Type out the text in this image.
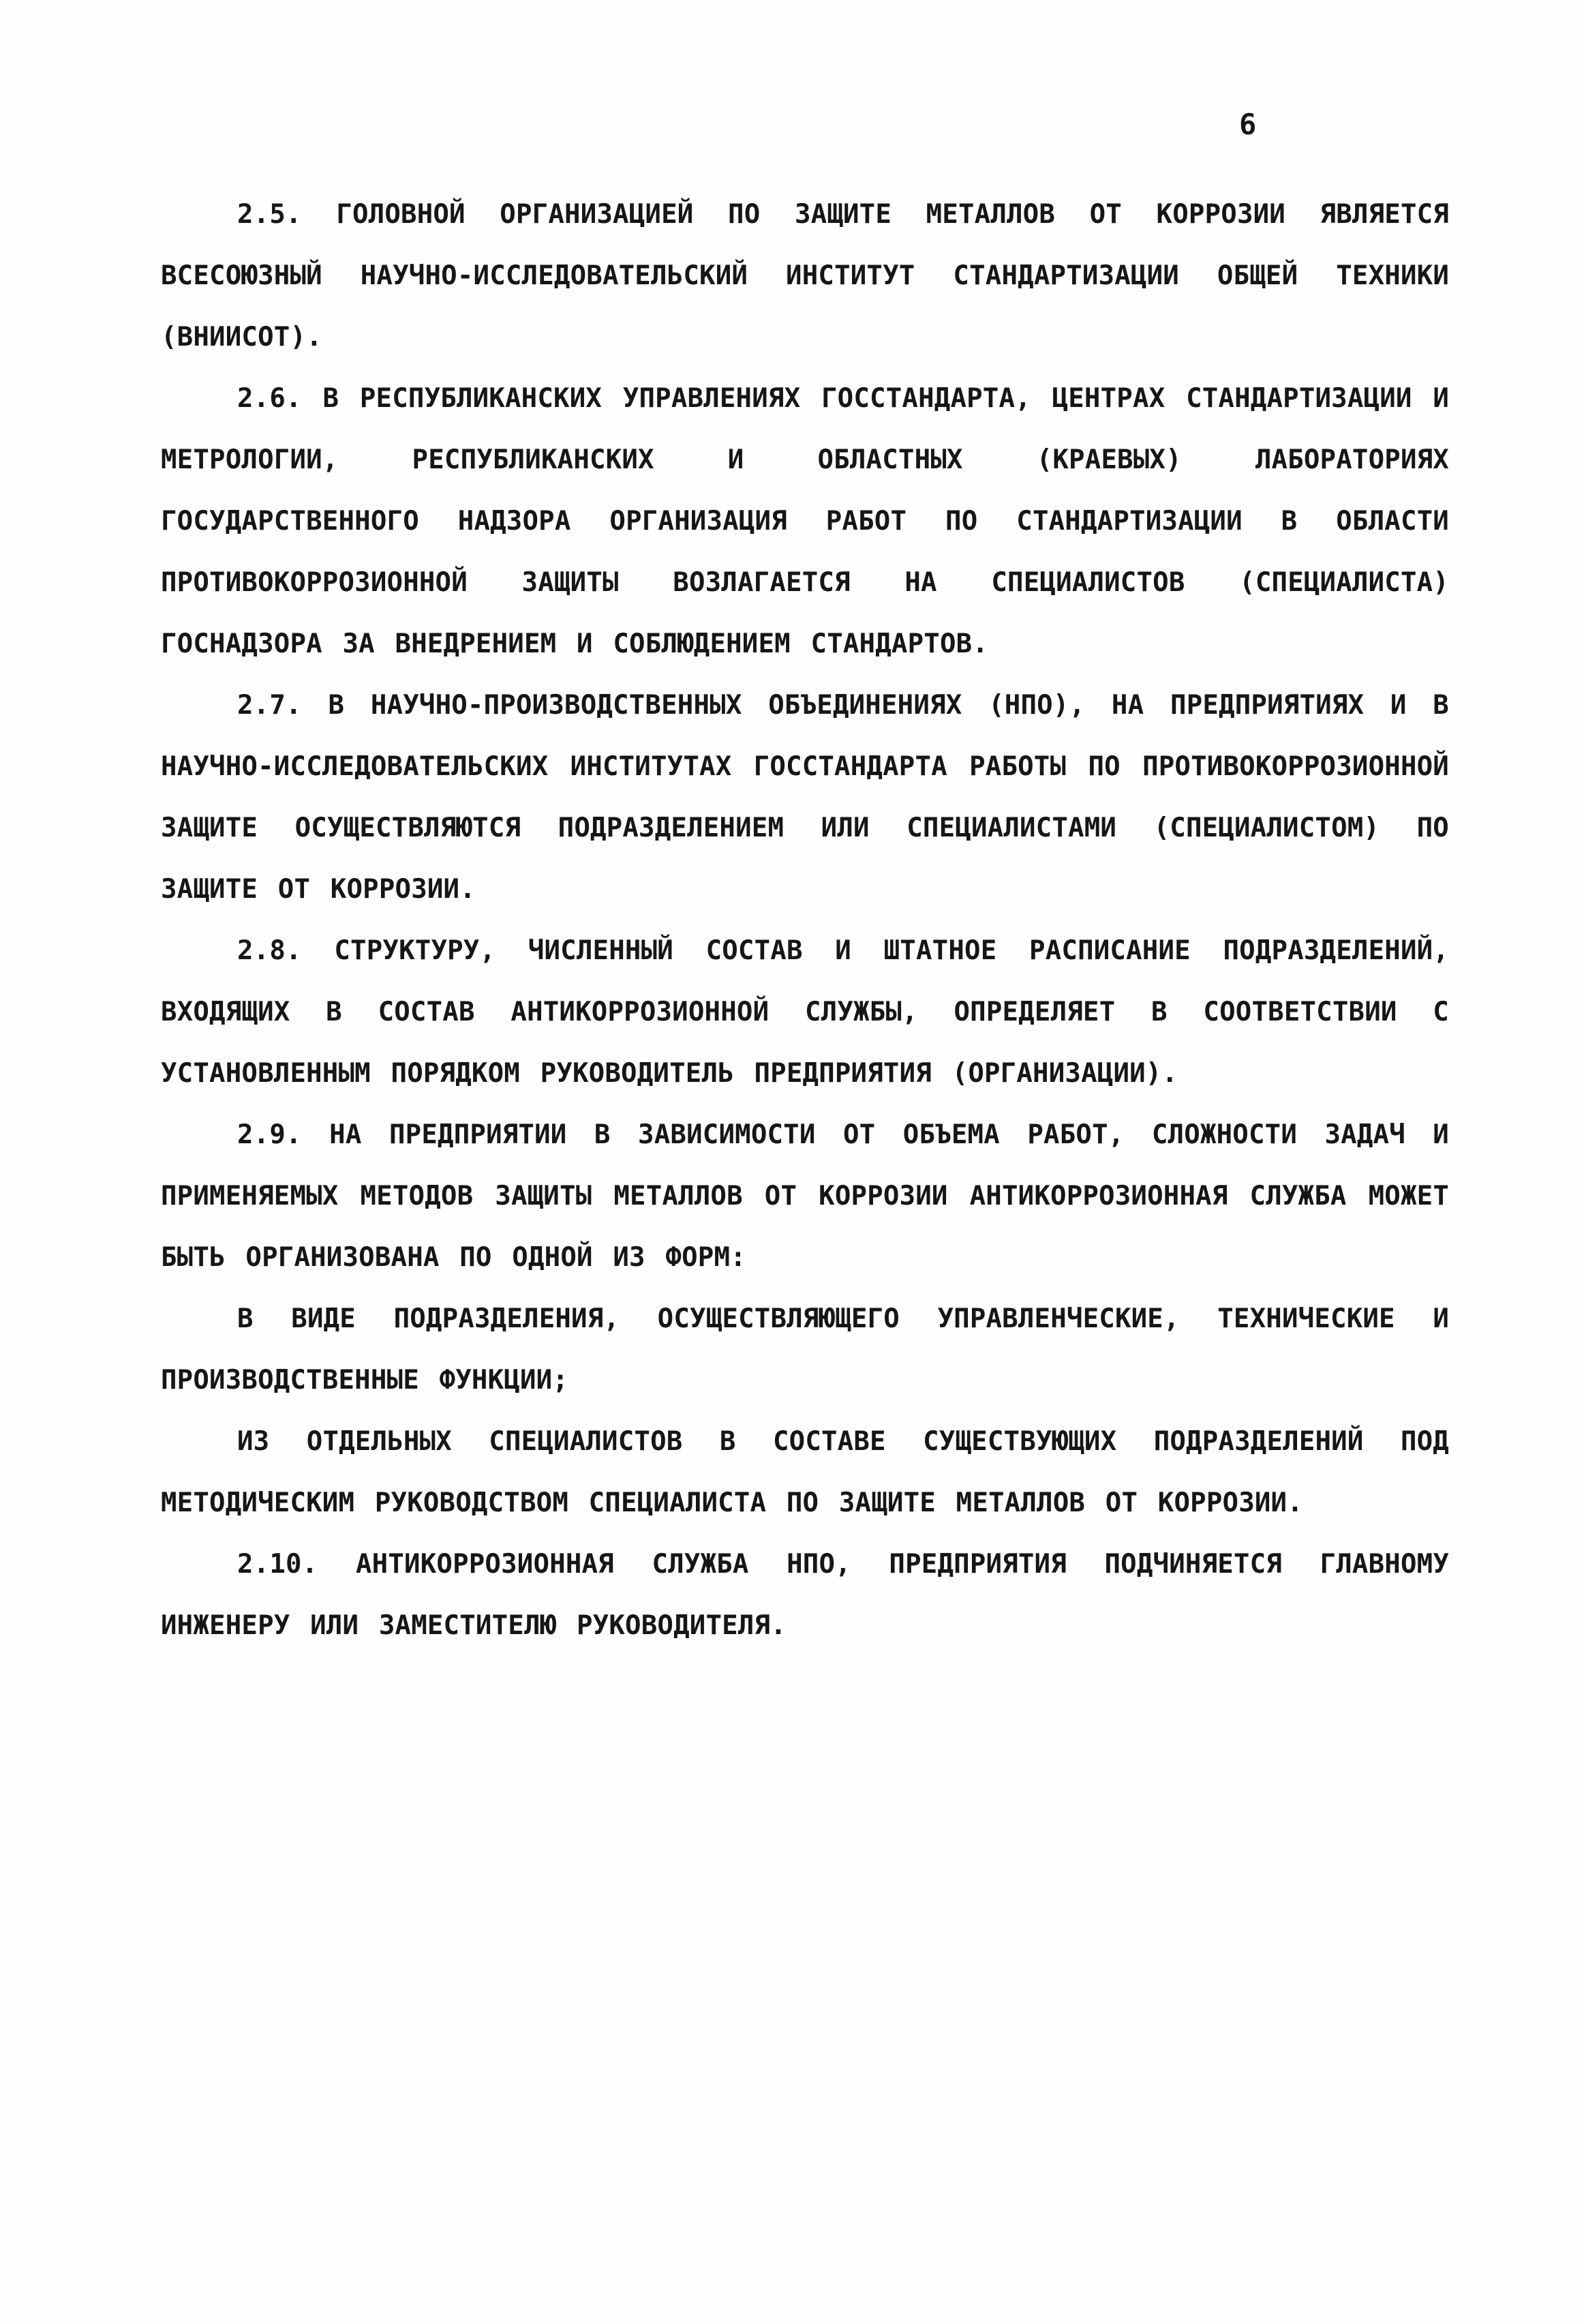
6

2.5. ГОЛОВНОЙ ОРГАНИЗАЦИЕЙ ПО ЗАЩИТЕ МЕТАЛЛОВ ОТ КОРРОЗИИ ЯВЛЯЕТСЯ ВСЕСОЮЗНЫЙ НАУЧНО-ИССЛЕДОВАТЕЛЬСКИЙ ИНСТИТУТ СТАНДАРТИЗАЦИИ ОБЩЕЙ ТЕХНИКИ (ВНИИСОТ).

2.6. В РЕСПУБЛИКАНСКИХ УПРАВЛЕНИЯХ ГОССТАНДАРТА, ЦЕНТРАХ СТАНДАРТИЗАЦИИ И МЕТРОЛОГИИ, РЕСПУБЛИКАНСКИХ И ОБЛАСТНЫХ (КРАЕВЫХ) ЛАБОРАТОРИЯХ ГОСУДАРСТВЕННОГО НАДЗОРА ОРГАНИЗАЦИЯ РАБОТ ПО СТАНДАРТИЗАЦИИ В ОБЛАСТИ ПРОТИВОКОРРОЗИОННОЙ ЗАЩИТЫ ВОЗЛАГАЕТСЯ НА СПЕЦИАЛИСТОВ (СПЕЦИАЛИСТА) ГОСНАДЗОРА ЗА ВНЕДРЕНИЕМ И СОБЛЮДЕНИЕМ СТАНДАРТОВ.

2.7. В НАУЧНО-ПРОИЗВОДСТВЕННЫХ ОБЪЕДИНЕНИЯХ (НПО), НА ПРЕДПРИЯТИЯХ И В НАУЧНО-ИССЛЕДОВАТЕЛЬСКИХ ИНСТИТУТАХ ГОССТАНДАРТА РАБОТЫ ПО ПРОТИВОКОРРОЗИОННОЙ ЗАЩИТЕ ОСУЩЕСТВЛЯЮТСЯ ПОДРАЗДЕЛЕНИЕМ ИЛИ СПЕЦИАЛИСТАМИ (СПЕЦИАЛИСТОМ) ПО ЗАЩИТЕ ОТ КОРРОЗИИ.

2.8. СТРУКТУРУ, ЧИСЛЕННЫЙ СОСТАВ И ШТАТНОЕ РАСПИСАНИЕ ПОДРАЗДЕЛЕНИЙ, ВХОДЯЩИХ В СОСТАВ АНТИКОРРОЗИОННОЙ СЛУЖБЫ, ОПРЕДЕЛЯЕТ В СООТВЕТСТВИИ С УСТАНОВЛЕННЫМ ПОРЯДКОМ РУКОВОДИТЕЛЬ ПРЕДПРИЯТИЯ (ОРГАНИЗАЦИИ).

2.9. НА ПРЕДПРИЯТИИ В ЗАВИСИМОСТИ ОТ ОБЪЕМА РАБОТ, СЛОЖНОСТИ ЗАДАЧ И ПРИМЕНЯЕМЫХ МЕТОДОВ ЗАЩИТЫ МЕТАЛЛОВ ОТ КОРРОЗИИ АНТИКОРРОЗИОННАЯ СЛУЖБА МОЖЕТ БЫТЬ ОРГАНИЗОВАНА ПО ОДНОЙ ИЗ ФОРМ:

В ВИДЕ ПОДРАЗДЕЛЕНИЯ, ОСУЩЕСТВЛЯЮЩЕГО УПРАВЛЕНЧЕСКИЕ, ТЕХНИЧЕСКИЕ И ПРОИЗВОДСТВЕННЫЕ ФУНКЦИИ;

ИЗ ОТДЕЛЬНЫХ СПЕЦИАЛИСТОВ В СОСТАВЕ СУЩЕСТВУЮЩИХ ПОДРАЗДЕЛЕНИЙ ПОД МЕТОДИЧЕСКИМ РУКОВОДСТВОМ СПЕЦИАЛИСТА ПО ЗАЩИТЕ МЕТАЛЛОВ ОТ КОРРОЗИИ.

2.10. АНТИКОРРОЗИОННАЯ СЛУЖБА НПО, ПРЕДПРИЯТИЯ ПОДЧИНЯЕТСЯ ГЛАВНОМУ ИНЖЕНЕРУ ИЛИ ЗАМЕСТИТЕЛЮ РУКОВОДИТЕЛЯ.
